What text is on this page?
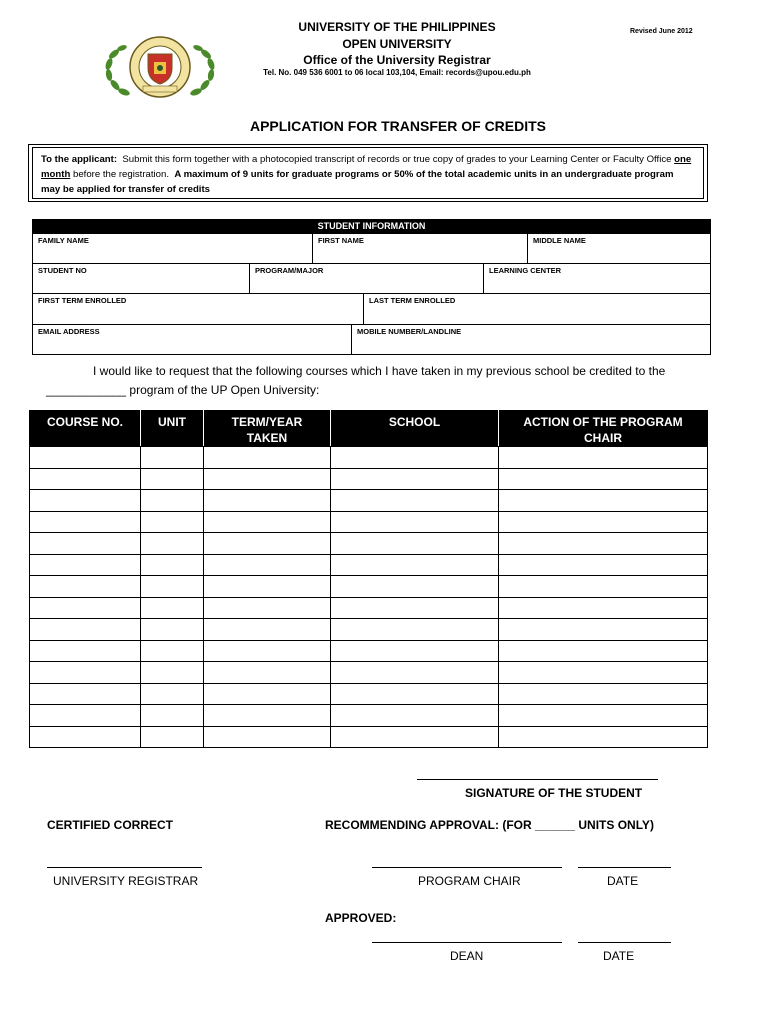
UNIVERSITY OF THE PHILIPPINES
OPEN UNIVERSITY
Office of the University Registrar
Tel. No. 049 536 6001 to 06 local 103,104, Email: records@upou.edu.ph
Revised June 2012
APPLICATION FOR TRANSFER OF CREDITS
To the applicant: Submit this form together with a photocopied transcript of records or true copy of grades to your Learning Center or Faculty Office one month before the registration. A maximum of 9 units for graduate programs or 50% of the total academic units in an undergraduate program may be applied for transfer of credits
STUDENT INFORMATION
FAMILY NAME	FIRST NAME	MIDDLE NAME
STUDENT NO	PROGRAM/MAJOR	LEARNING CENTER
FIRST TERM ENROLLED	LAST TERM ENROLLED
EMAIL ADDRESS	MOBILE NUMBER/LANDLINE
I would like to request that the following courses which I have taken in my previous school be credited to the
____________ program of the UP Open University:
COURSE NO.	UNIT	TERM/YEAR TAKEN	SCHOOL	ACTION OF THE PROGRAM CHAIR

SIGNATURE OF THE STUDENT
CERTIFIED CORRECT	RECOMMENDING APPROVAL: (FOR ______ UNITS ONLY)
UNIVERSITY REGISTRAR	PROGRAM CHAIR	DATE
APPROVED:
DEAN	DATE
